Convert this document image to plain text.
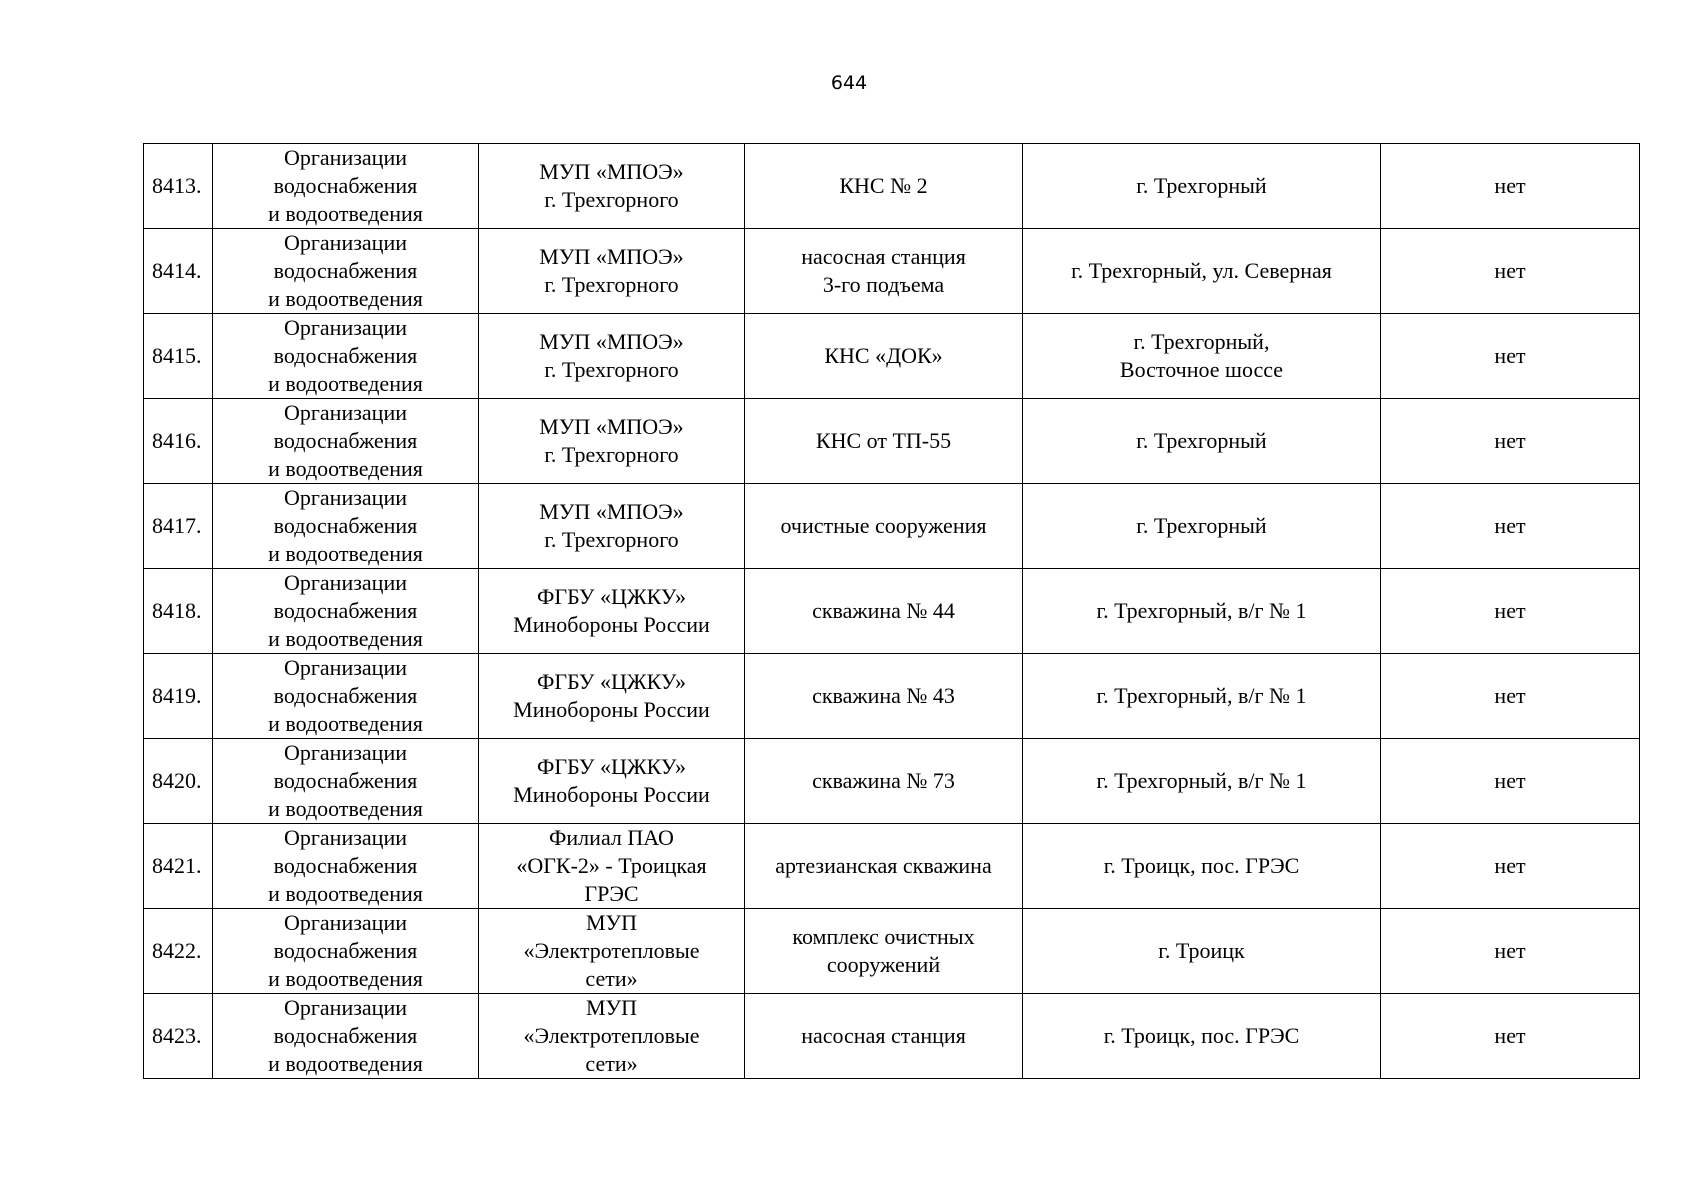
644
8413.	Организации
водоснабжения
и водоотведения	МУП «МПОЭ»
г. Трехгорного	КНС № 2	г. Трехгорный	нет
8414.	Организации
водоснабжения
и водоотведения	МУП «МПОЭ»
г. Трехгорного	насосная станция
3-го подъема	г. Трехгорный, ул. Северная	нет
8415.	Организации
водоснабжения
и водоотведения	МУП «МПОЭ»
г. Трехгорного	КНС «ДОК»	г. Трехгорный,
Восточное шоссе	нет
8416.	Организации
водоснабжения
и водоотведения	МУП «МПОЭ»
г. Трехгорного	КНС от ТП-55	г. Трехгорный	нет
8417.	Организации
водоснабжения
и водоотведения	МУП «МПОЭ»
г. Трехгорного	очистные сооружения	г. Трехгорный	нет
8418.	Организации
водоснабжения
и водоотведения	ФГБУ «ЦЖКУ»
Минобороны России	скважина № 44	г. Трехгорный, в/г № 1	нет
8419.	Организации
водоснабжения
и водоотведения	ФГБУ «ЦЖКУ»
Минобороны России	скважина № 43	г. Трехгорный, в/г № 1	нет
8420.	Организации
водоснабжения
и водоотведения	ФГБУ «ЦЖКУ»
Минобороны России	скважина № 73	г. Трехгорный, в/г № 1	нет
8421.	Организации
водоснабжения
и водоотведения	Филиал ПАО
«ОГК-2» - Троицкая
ГРЭС	артезианская скважина	г. Троицк, пос. ГРЭС	нет
8422.	Организации
водоснабжения
и водоотведения	МУП
«Электротепловые
сети»	комплекс очистных
сооружений	г. Троицк	нет
8423.	Организации
водоснабжения
и водоотведения	МУП
«Электротепловые
сети»	насосная станция	г. Троицк, пос. ГРЭС	нет
